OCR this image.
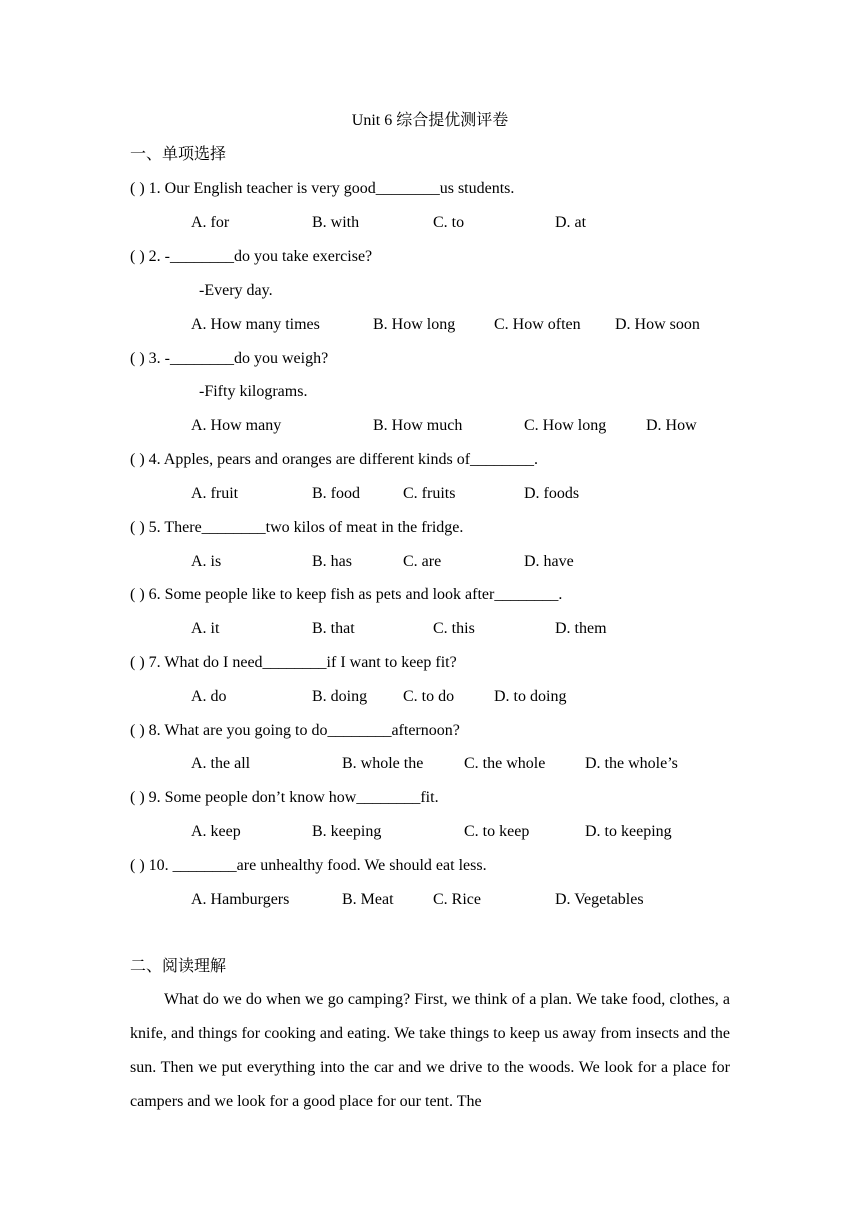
Unit 6 综合提优测评卷
一、单项选择
( ) 1. Our English teacher is very good________us students.
A. for	B. with	C. to	D. at
( ) 2. -________do you take exercise?
-Every day.
A. How many times	B. How long C. How often D. How soon
( ) 3. -________do you weigh?
-Fifty kilograms.
A. How many	B. How much	C. How long D. How
( ) 4. Apples, pears and oranges are different kinds of________.
A. fruit	B. food	C. fruits	D. foods
( ) 5. There________two kilos of meat in the fridge.
A. is	B. has	C. are	D. have
( ) 6. Some people like to keep fish as pets and look after________.
A. it	B. that	C. this	D. them
( ) 7. What do I need________if I want to keep fit?
A. do	B. doing C. to do D. to doing
( ) 8. What are you going to do________afternoon?
A. the all	B. whole the	C. the whole D. the whole’s
( ) 9. Some people don’t know how________fit.
A. keep	B. keeping	C. to keep	D. to keeping
( ) 10. ________are unhealthy food. We should eat less.
A. Hamburgers	B. Meat C. Rice	D. Vegetables
二、阅读理解

What do we do when we go camping? First, we think of a plan. We take food, clothes, a knife, and things for cooking and eating. We take things to keep us away from insects and the sun. Then we put everything into the car and we drive to the woods. We look for a place for campers and we look for a good place for our tent. The
